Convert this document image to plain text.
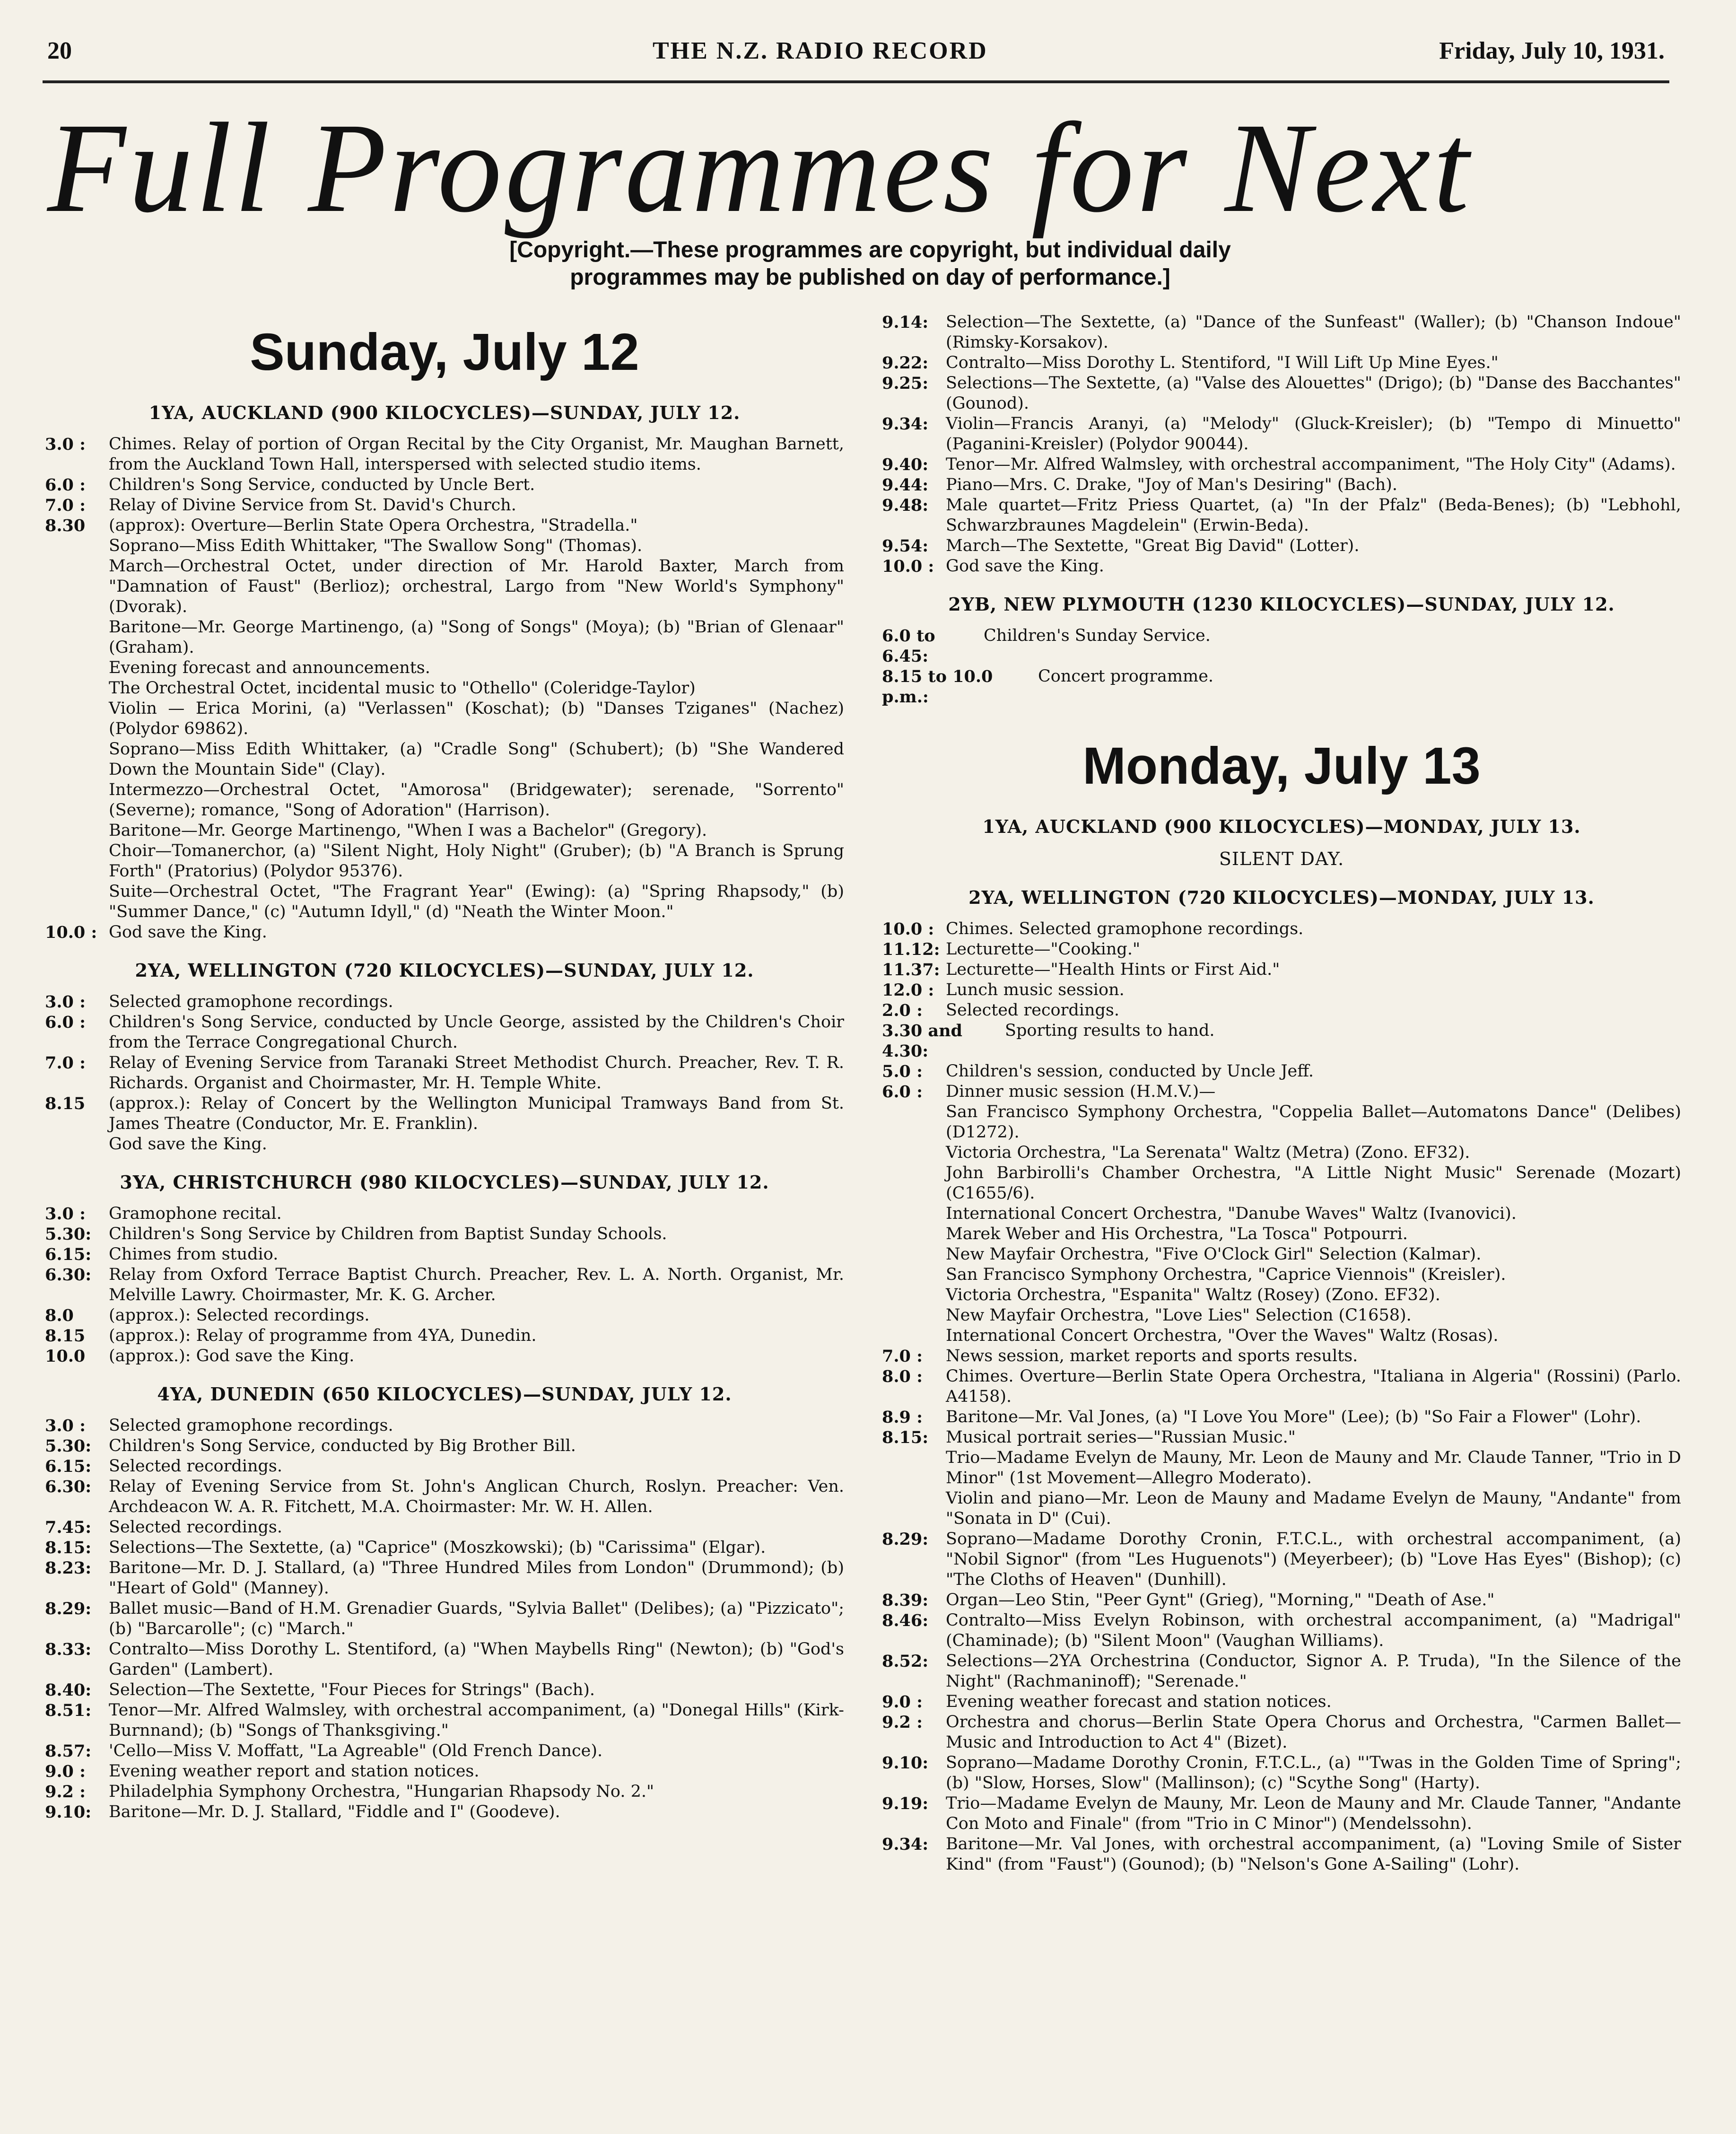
20	THE N.Z. RADIO RECORD	Friday, July 10, 1931.
Full Programmes for Next
[Copyright.—These programmes are copyright, but individual daily programmes may be published on day of performance.]
Sunday, July 12
1YA, AUCKLAND (900 KILOCYCLES)—SUNDAY, JULY 12.
3.0 :	Chimes. Relay of portion of Organ Recital by the City Organist, Mr. Maughan Barnett, from the Auckland Town Hall, interspersed with selected studio items.
6.0 :	Children's Song Service, conducted by Uncle Bert.
7.0 :	Relay of Divine Service from St. David's Church.
8.30	(approx): Overture—Berlin State Opera Orchestra, "Stradella."
Soprano—Miss Edith Whittaker, "The Swallow Song" (Thomas).
March—Orchestral Octet, under direction of Mr. Harold Baxter, March from "Damnation of Faust" (Berlioz); orchestral, Largo from "New World's Symphony" (Dvorak).
Baritone—Mr. George Martinengo, (a) "Song of Songs" (Moya); (b) "Brian of Glenaar" (Graham).
Evening forecast and announcements.
The Orchestral Octet, incidental music to "Othello" (Coleridge-Taylor)
Violin — Erica Morini, (a) "Verlassen" (Koschat); (b) "Danses Tziganes" (Nachez) (Polydor 69862).
Soprano—Miss Edith Whittaker, (a) "Cradle Song" (Schubert); (b) "She Wandered Down the Mountain Side" (Clay).
Intermezzo—Orchestral Octet, "Amorosa" (Bridgewater); serenade, "Sorrento" (Severne); romance, "Song of Adoration" (Harrison).
Baritone—Mr. George Martinengo, "When I was a Bachelor" (Gregory).
Choir—Tomanerchor, (a) "Silent Night, Holy Night" (Gruber); (b) "A Branch is Sprung Forth" (Pratorius) (Polydor 95376).
Suite—Orchestral Octet, "The Fragrant Year" (Ewing): (a) "Spring Rhapsody," (b) "Summer Dance," (c) "Autumn Idyll," (d) "Neath the Winter Moon."
10.0 : God save the King.
2YA, WELLINGTON (720 KILOCYCLES)—SUNDAY, JULY 12.
3.0 :	Selected gramophone recordings.
6.0 :	Children's Song Service, conducted by Uncle George, assisted by the Children's Choir from the Terrace Congregational Church.
7.0 :	Relay of Evening Service from Taranaki Street Methodist Church. Preacher, Rev. T. R. Richards. Organist and Choirmaster, Mr. H. Temple White.
8.15	(approx.): Relay of Concert by the Wellington Municipal Tramways Band from St. James Theatre (Conductor, Mr. E. Franklin).
God save the King.
3YA, CHRISTCHURCH (980 KILOCYCLES)—SUNDAY, JULY 12.
3.0 :	Gramophone recital.
5.30:	Children's Song Service by Children from Baptist Sunday Schools.
6.15:	Chimes from studio.
6.30:	Relay from Oxford Terrace Baptist Church. Preacher, Rev. L. A. North. Organist, Mr. Melville Lawry. Choirmaster, Mr. K. G. Archer.
8.0	(approx.): Selected recordings.
8.15	(approx.): Relay of programme from 4YA, Dunedin.
10.0	(approx.): God save the King.
4YA, DUNEDIN (650 KILOCYCLES)—SUNDAY, JULY 12.
3.0 :	Selected gramophone recordings.
5.30:	Children's Song Service, conducted by Big Brother Bill.
6.15:	Selected recordings.
6.30:	Relay of Evening Service from St. John's Anglican Church, Roslyn. Preacher: Ven. Archdeacon W. A. R. Fitchett, M.A. Choirmaster: Mr. W. H. Allen.
7.45:	Selected recordings.
8.15:	Selections—The Sextette, (a) "Caprice" (Moszkowski); (b) "Carissima" (Elgar).
8.23:	Baritone—Mr. D. J. Stallard, (a) "Three Hundred Miles from London" (Drummond); (b) "Heart of Gold" (Manney).
8.29:	Ballet music—Band of H.M. Grenadier Guards, "Sylvia Ballet" (Delibes); (a) "Pizzicato"; (b) "Barcarolle"; (c) "March."
8.33:	Contralto—Miss Dorothy L. Stentiford, (a) "When Maybells Ring" (Newton); (b) "God's Garden" (Lambert).
8.40:	Selection—The Sextette, "Four Pieces for Strings" (Bach).
8.51:	Tenor—Mr. Alfred Walmsley, with orchestral accompaniment, (a) "Donegal Hills" (Kirk-Burnnand); (b) "Songs of Thanksgiving."
8.57:	'Cello—Miss V. Moffatt, "La Agreable" (Old French Dance).
9.0 :	Evening weather report and station notices.
9.2 :	Philadelphia Symphony Orchestra, "Hungarian Rhapsody No. 2."
9.10:	Baritone—Mr. D. J. Stallard, "Fiddle and I" (Goodeve).
9.14:	Selection—The Sextette, (a) "Dance of the Sunfeast" (Waller); (b) "Chanson Indoue" (Rimsky-Korsakov).
9.22:	Contralto—Miss Dorothy L. Stentiford, "I Will Lift Up Mine Eyes."
9.25:	Selections—The Sextette, (a) "Valse des Alouettes" (Drigo); (b) "Danse des Bacchantes" (Gounod).
9.34:	Violin—Francis Aranyi, (a) "Melody" (Gluck-Kreisler); (b) "Tempo di Minuetto" (Paganini-Kreisler) (Polydor 90044).
9.40:	Tenor—Mr. Alfred Walmsley, with orchestral accompaniment, "The Holy City" (Adams).
9.44:	Piano—Mrs. C. Drake, "Joy of Man's Desiring" (Bach).
9.48:	Male quartet—Fritz Priess Quartet, (a) "In der Pfalz" (Beda-Benes); (b) "Lebhohl, Schwarzbraunes Magdelein" (Erwin-Beda).
9.54:	March—The Sextette, "Great Big David" (Lotter).
10.0 : God save the King.
2YB, NEW PLYMOUTH (1230 KILOCYCLES)—SUNDAY, JULY 12.
6.0 to 6.45:
Children's Sunday Service.
8.15 to 10.0 p.m.:
Concert programme.
Monday, July 13
1YA, AUCKLAND (900 KILOCYCLES)—MONDAY, JULY 13.
SILENT DAY.
2YA, WELLINGTON (720 KILOCYCLES)—MONDAY, JULY 13.
10.0 : Chimes. Selected gramophone recordings.
11.12: Lecturette—"Cooking."
11.37: Lecturette—"Health Hints or First Aid."
12.0 : Lunch music session.
2.0 :	Selected recordings.
3.30 and 4.30:
Sporting results to hand.
5.0 :	Children's session, conducted by Uncle Jeff.
6.0 :	Dinner music session (H.M.V.)—
San Francisco Symphony Orchestra, "Coppelia Ballet—Automatons Dance" (Delibes) (D1272).
Victoria Orchestra, "La Serenata" Waltz (Metra) (Zono. EF32).
John Barbirolli's Chamber Orchestra, "A Little Night Music" Serenade (Mozart) (C1655/6).
International Concert Orchestra, "Danube Waves" Waltz (Ivanovici).
Marek Weber and His Orchestra, "La Tosca" Potpourri.
New Mayfair Orchestra, "Five O'Clock Girl" Selection (Kalmar).
San Francisco Symphony Orchestra, "Caprice Viennois" (Kreisler).
Victoria Orchestra, "Espanita" Waltz (Rosey) (Zono. EF32).
New Mayfair Orchestra, "Love Lies" Selection (C1658).
International Concert Orchestra, "Over the Waves" Waltz (Rosas).
7.0 :	News session, market reports and sports results.
8.0 :	Chimes. Overture—Berlin State Opera Orchestra, "Italiana in Algeria" (Rossini) (Parlo. A4158).
8.9 :	Baritone—Mr. Val Jones, (a) "I Love You More" (Lee); (b) "So Fair a Flower" (Lohr).
8.15:	Musical portrait series—"Russian Music."
Trio—Madame Evelyn de Mauny, Mr. Leon de Mauny and Mr. Claude Tanner, "Trio in D Minor" (1st Movement—Allegro Moderato).
Violin and piano—Mr. Leon de Mauny and Madame Evelyn de Mauny, "Andante" from "Sonata in D" (Cui).
8.29:	Soprano—Madame Dorothy Cronin, F.T.C.L., with orchestral accompaniment, (a) "Nobil Signor" (from "Les Huguenots") (Meyerbeer); (b) "Love Has Eyes" (Bishop); (c) "The Cloths of Heaven" (Dunhill).
8.39:	Organ—Leo Stin, "Peer Gynt" (Grieg), "Morning," "Death of Ase."
8.46:	Contralto—Miss Evelyn Robinson, with orchestral accompaniment, (a) "Madrigal" (Chaminade); (b) "Silent Moon" (Vaughan Williams).
8.52:	Selections—2YA Orchestrina (Conductor, Signor A. P. Truda), "In the Silence of the Night" (Rachmaninoff); "Serenade."
9.0 :	Evening weather forecast and station notices.
9.2 :	Orchestra and chorus—Berlin State Opera Chorus and Orchestra, "Carmen Ballet—Music and Introduction to Act 4" (Bizet).
9.10:	Soprano—Madame Dorothy Cronin, F.T.C.L., (a) "'Twas in the Golden Time of Spring"; (b) "Slow, Horses, Slow" (Mallinson); (c) "Scythe Song" (Harty).
9.19:	Trio—Madame Evelyn de Mauny, Mr. Leon de Mauny and Mr. Claude Tanner, "Andante Con Moto and Finale" (from "Trio in C Minor") (Mendelssohn).
9.34:	Baritone—Mr. Val Jones, with orchestral accompaniment, (a) "Loving Smile of Sister Kind" (from "Faust") (Gounod); (b) "Nelson's Gone A-Sailing" (Lohr).
